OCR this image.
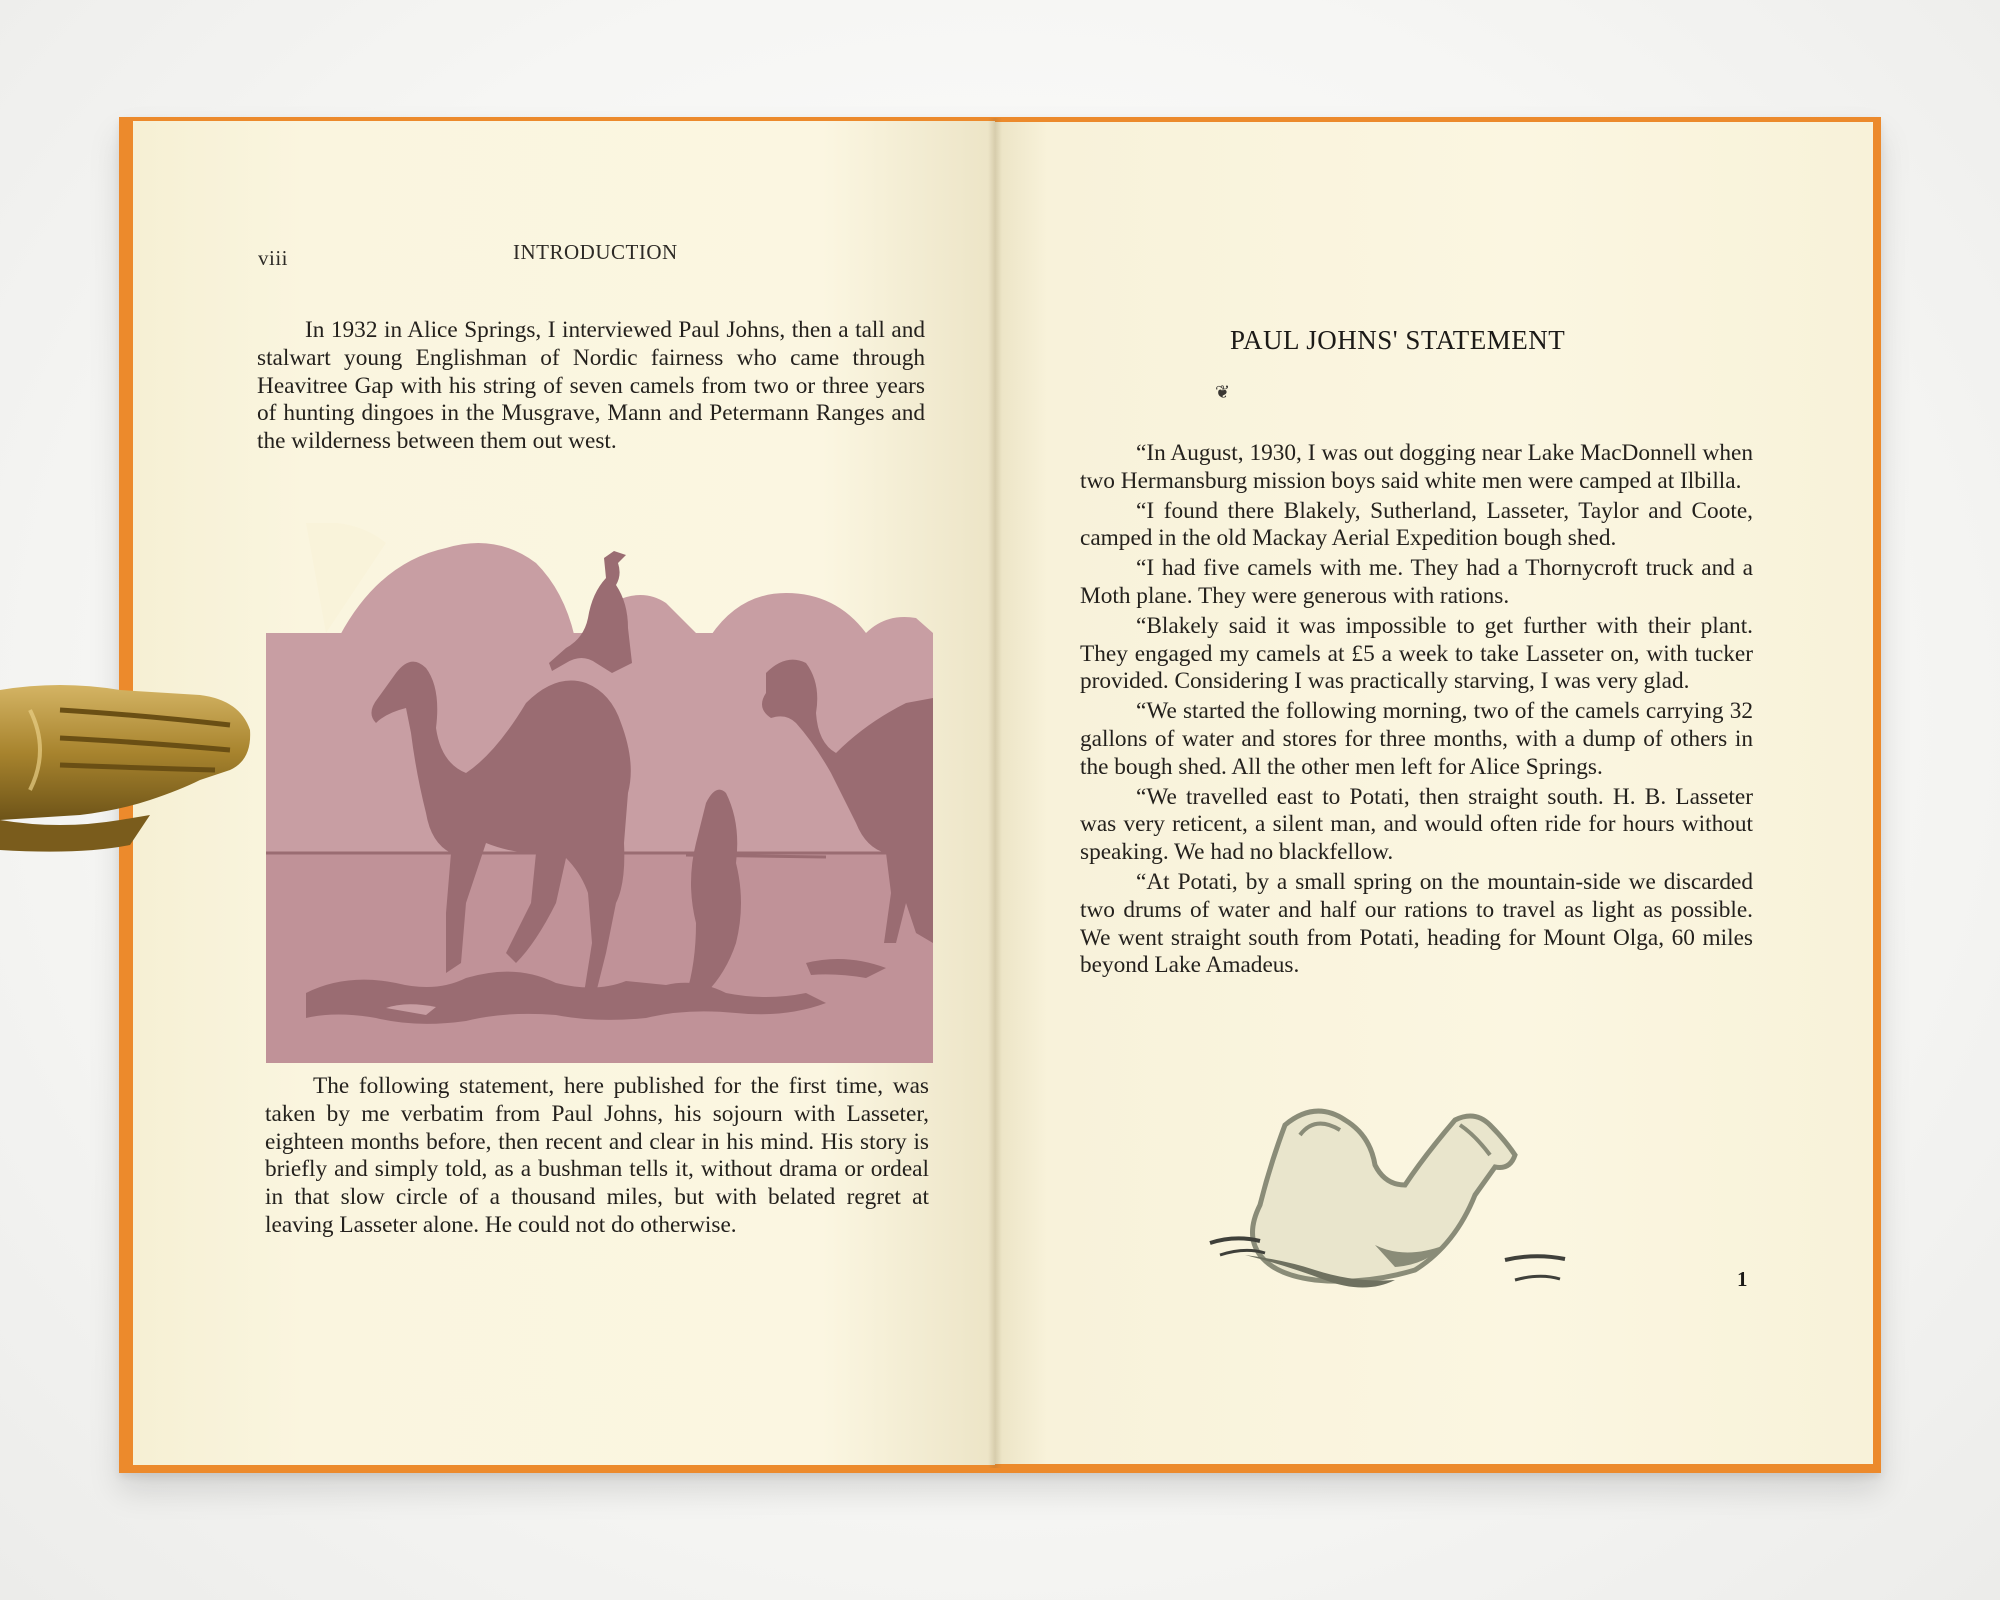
viii	INTRODUCTION

In 1932 in Alice Springs, I interviewed Paul Johns, then a tall and stalwart young Englishman of Nordic fairness who came through Heavitree Gap with his string of seven camels from two or three years of hunting dingoes in the Musgrave, Mann and Petermann Ranges and the wilderness between them out west.

The following statement, here published for the first time, was taken by me verbatim from Paul Johns, his sojourn with Lasseter, eighteen months before, then recent and clear in his mind. His story is briefly and simply told, as a bushman tells it, without drama or ordeal in that slow circle of a thousand miles, but with belated regret at leaving Lasseter alone. He could not do otherwise.

PAUL JOHNS' STATEMENT
❦

“In August, 1930, I was out dogging near Lake MacDonnell when two Hermansburg mission boys said white men were camped at Ilbilla.

“I found there Blakely, Sutherland, Lasseter, Taylor and Coote, camped in the old Mackay Aerial Expedition bough shed.

“I had five camels with me. They had a Thornycroft truck and a Moth plane. They were generous with rations.

“Blakely said it was impossible to get further with their plant. They engaged my camels at £5 a week to take Lasseter on, with tucker provided. Considering I was practically starving, I was very glad.

“We started the following morning, two of the camels carrying 32 gallons of water and stores for three months, with a dump of others in the bough shed. All the other men left for Alice Springs.

“We travelled east to Potati, then straight south. H. B. Lasseter was very reticent, a silent man, and would often ride for hours without speaking. We had no blackfellow.

“At Potati, by a small spring on the mountain-side we discarded two drums of water and half our rations to travel as light as possible. We went straight south from Potati, heading for Mount Olga, 60 miles beyond Lake Amadeus.

1
